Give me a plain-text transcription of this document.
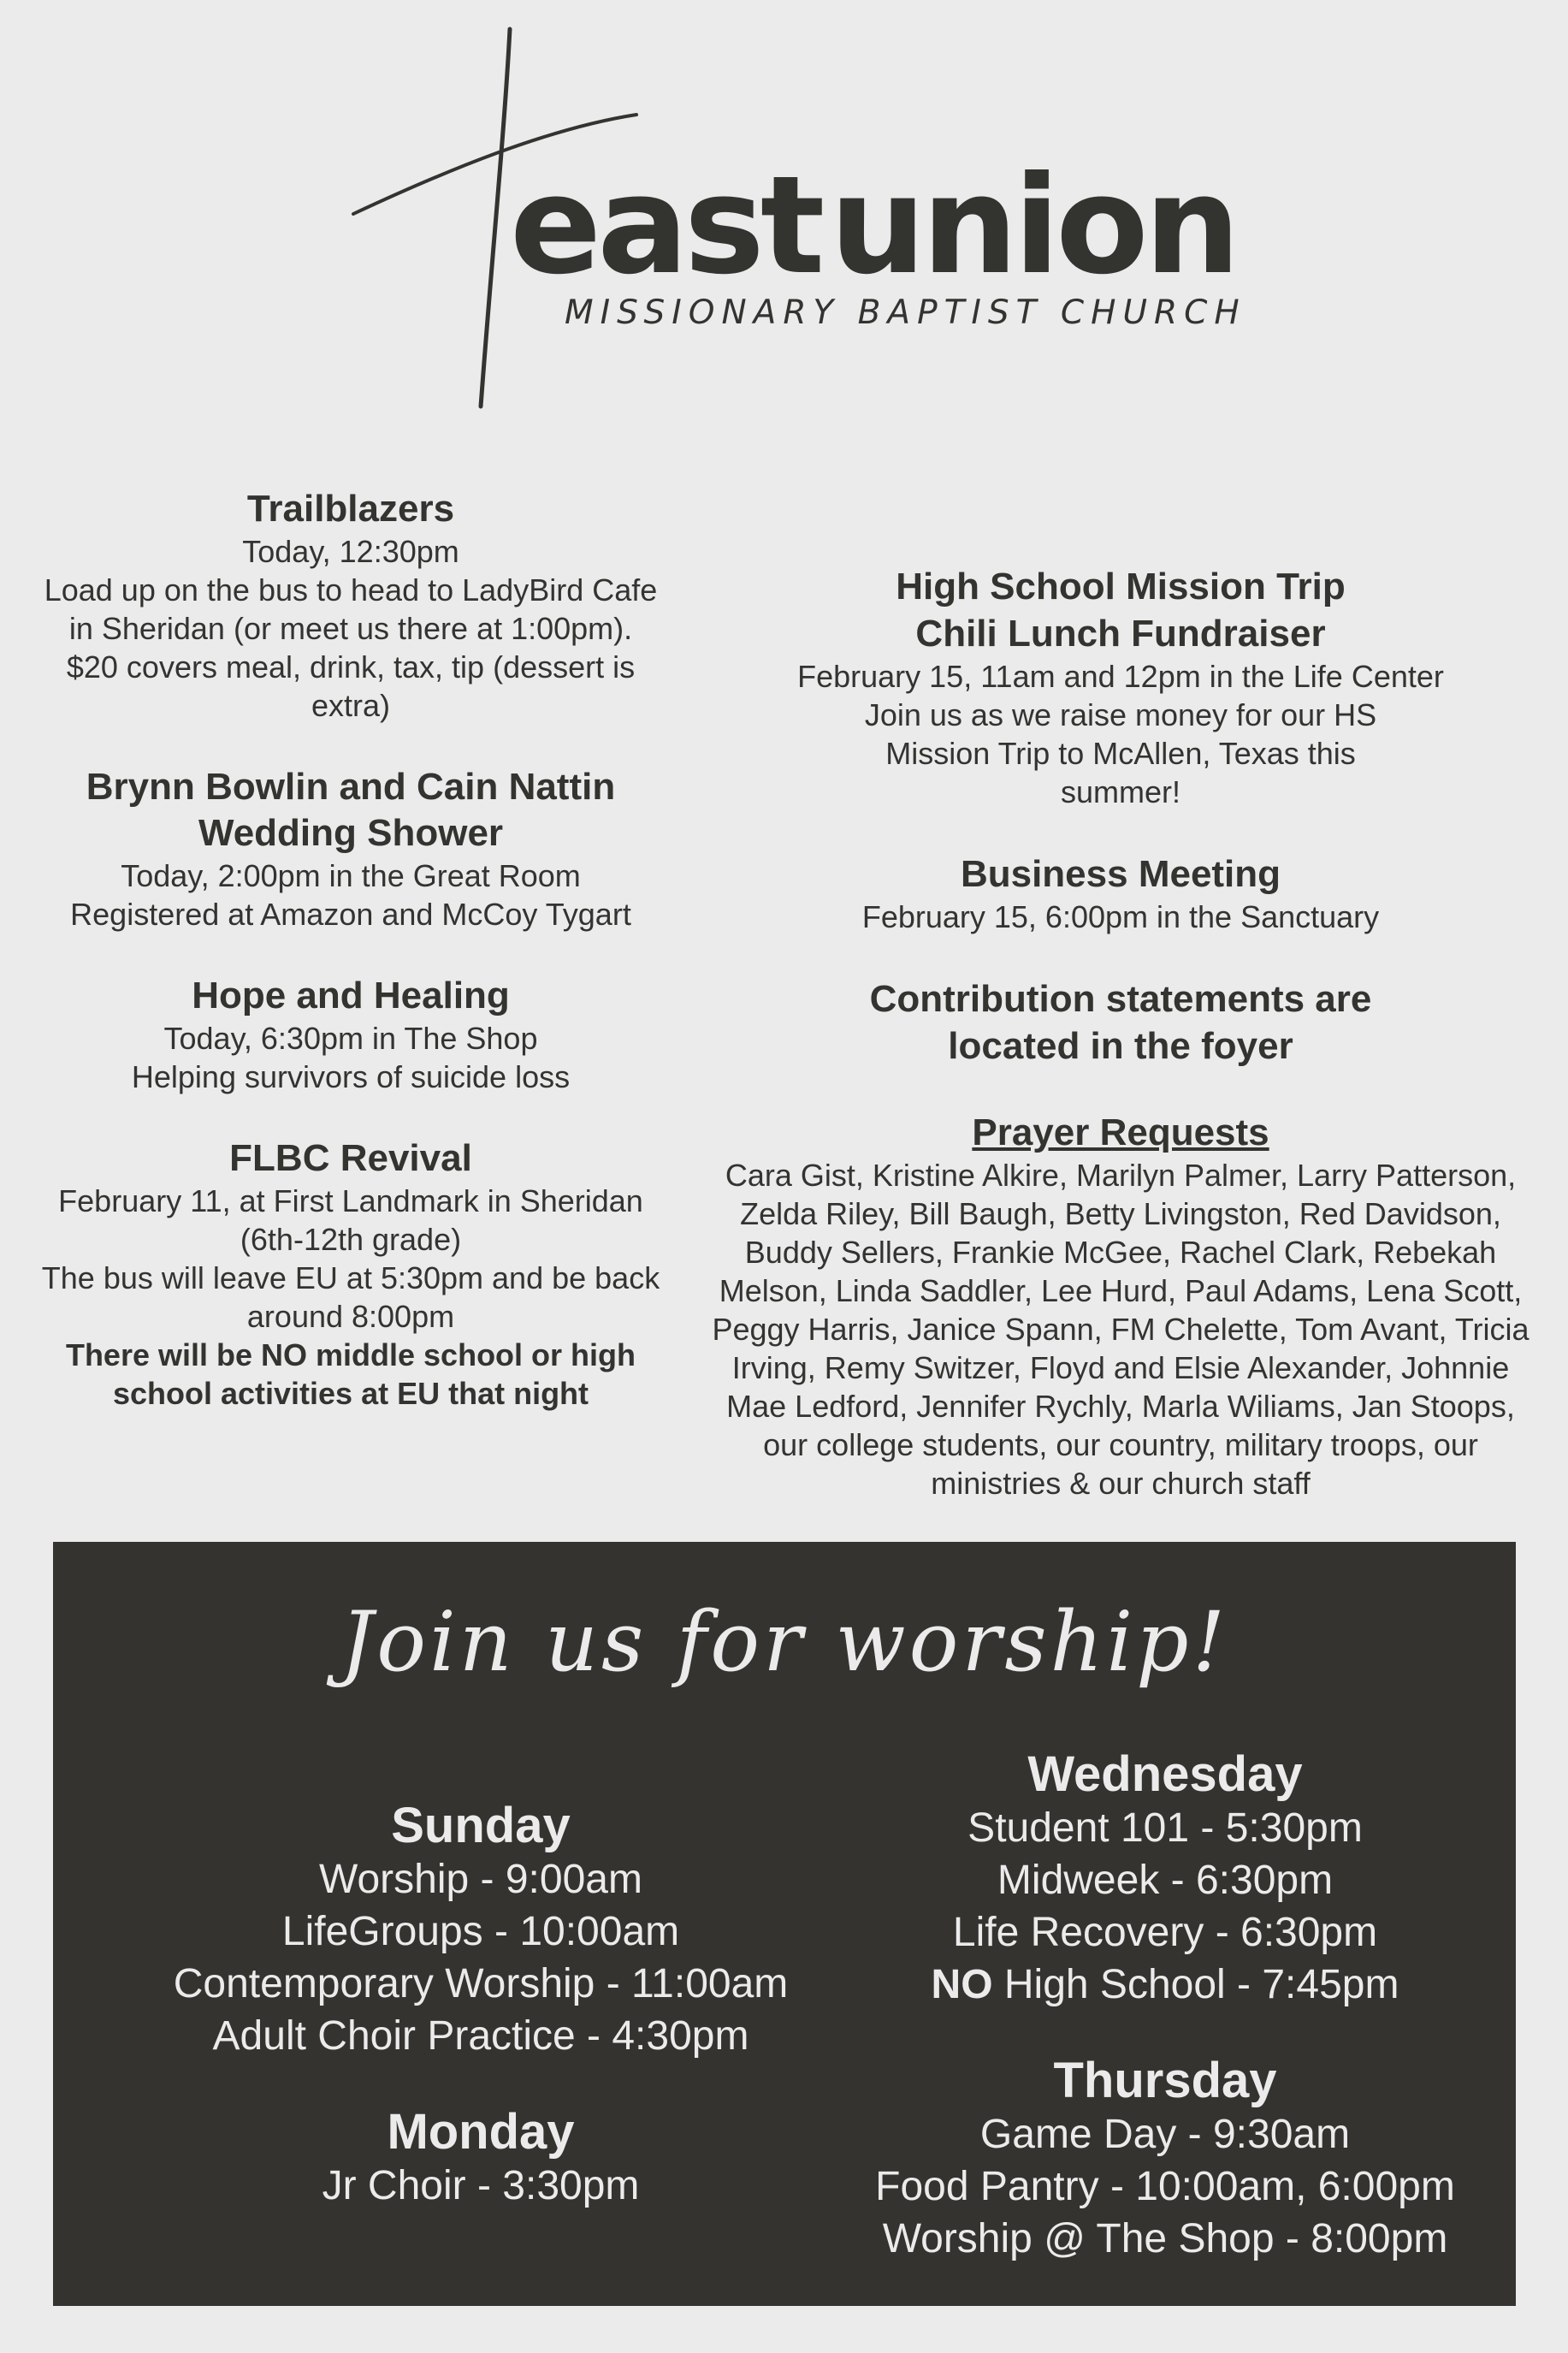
east union
MISSIONARY BAPTIST CHURCH
Trailblazers

Today, 12:30pm

Load up on the bus to head to LadyBird Cafe in Sheridan (or meet us there at 1:00pm).

$20 covers meal, drink, tax, tip (dessert is extra)

Brynn Bowlin and Cain Nattin Wedding Shower

Today, 2:00pm in the Great Room

Registered at Amazon and McCoy Tygart

Hope and Healing

Today, 6:30pm in The Shop

Helping survivors of suicide loss

FLBC Revival

February 11, at First Landmark in Sheridan (6th-12th grade)

The bus will leave EU at 5:30pm and be back around 8:00pm

There will be NO middle school or high school activities at EU that night

High School Mission Trip
Chili Lunch Fundraiser

February 15, 11am and 12pm in the Life Center

Join us as we raise money for our HS Mission Trip to McAllen, Texas this summer!

Business Meeting

February 15, 6:00pm in the Sanctuary

Contribution statements are
located in the foyer
Prayer Requests

Cara Gist, Kristine Alkire, Marilyn Palmer, Larry Patterson, Zelda Riley, Bill Baugh, Betty Livingston, Red Davidson, Buddy Sellers, Frankie McGee, Rachel Clark, Rebekah Melson, Linda Saddler, Lee Hurd, Paul Adams, Lena Scott, Peggy Harris, Janice Spann, FM Chelette, Tom Avant, Tricia Irving, Remy Switzer, Floyd and Elsie Alexander, Johnnie Mae Ledford, Jennifer Rychly, Marla Wiliams, Jan Stoops, our college students, our country, military troops, our ministries & our church staff

Join us for worship!
Sunday
Worship - 9:00am
LifeGroups - 10:00am
Contemporary Worship - 11:00am
Adult Choir Practice - 4:30pm
Monday
Jr Choir - 3:30pm
Wednesday
Student 101 - 5:30pm
Midweek - 6:30pm
Life Recovery - 6:30pm
NO High School - 7:45pm
Thursday
Game Day - 9:30am
Food Pantry - 10:00am, 6:00pm
Worship @ The Shop - 8:00pm
